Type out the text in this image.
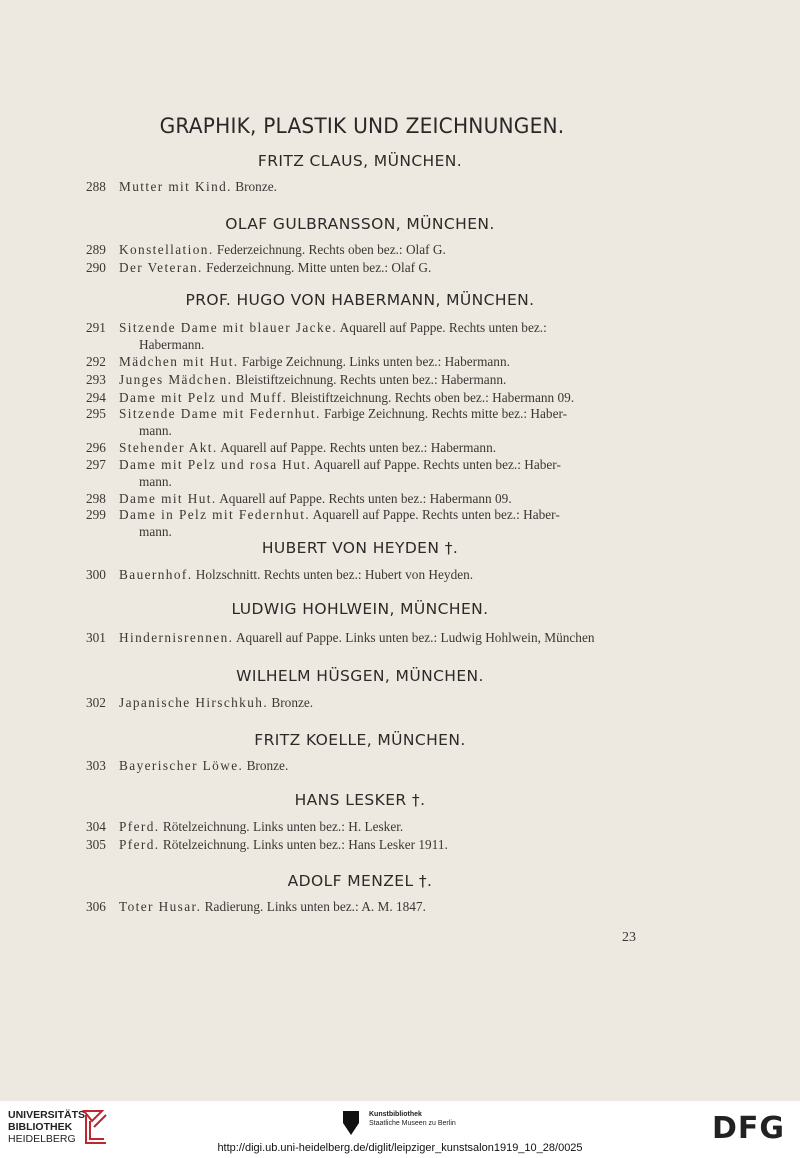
GRAPHIK, PLASTIK UND ZEICHNUNGEN.
FRITZ CLAUS, MÜNCHEN.
288 Mutter mit Kind. Bronze.
OLAF GULBRANSSON, MÜNCHEN.
289 Konstellation. Federzeichnung. Rechts oben bez.: Olaf G.
290 Der Veteran. Federzeichnung. Mitte unten bez.: Olaf G.
PROF. HUGO VON HABERMANN, MÜNCHEN.
291 Sitzende Dame mit blauer Jacke. Aquarell auf Pappe. Rechts unten bez.:
Habermann.
292 Mädchen mit Hut. Farbige Zeichnung. Links unten bez.: Habermann.
293 Junges Mädchen. Bleistiftzeichnung. Rechts unten bez.: Habermann.
294 Dame mit Pelz und Muff. Bleistiftzeichnung. Rechts oben bez.: Habermann 09.
295 Sitzende Dame mit Federnhut. Farbige Zeichnung. Rechts mitte bez.: Haber-
mann.
296 Stehender Akt. Aquarell auf Pappe. Rechts unten bez.: Habermann.
297 Dame mit Pelz und rosa Hut. Aquarell auf Pappe. Rechts unten bez.: Haber-
mann.
298 Dame mit Hut. Aquarell auf Pappe. Rechts unten bez.: Habermann 09.
299 Dame in Pelz mit Federnhut. Aquarell auf Pappe. Rechts unten bez.: Haber-
mann.
HUBERT VON HEYDEN †.
300 Bauernhof. Holzschnitt. Rechts unten bez.: Hubert von Heyden.
LUDWIG HOHLWEIN, MÜNCHEN.
301 Hindernisrennen. Aquarell auf Pappe. Links unten bez.: Ludwig Hohlwein, München
WILHELM HÜSGEN, MÜNCHEN.
302 Japanische Hirschkuh. Bronze.
FRITZ KOELLE, MÜNCHEN.
303 Bayerischer Löwe. Bronze.
HANS LESKER †.
304 Pferd. Rötelzeichnung. Links unten bez.: H. Lesker.
305 Pferd. Rötelzeichnung. Links unten bez.: Hans Lesker 1911.
ADOLF MENZEL †.
306 Toter Husar. Radierung. Links unten bez.: A. M. 1847.
23
UNIVERSITÄTS-
BIBLIOTHEK
HEIDELBERG
Kunstbibliothek
Staatliche Museen zu Berlin	DFG
http://digi.ub.uni-heidelberg.de/diglit/leipziger_kunstsalon1919_10_28/0025
